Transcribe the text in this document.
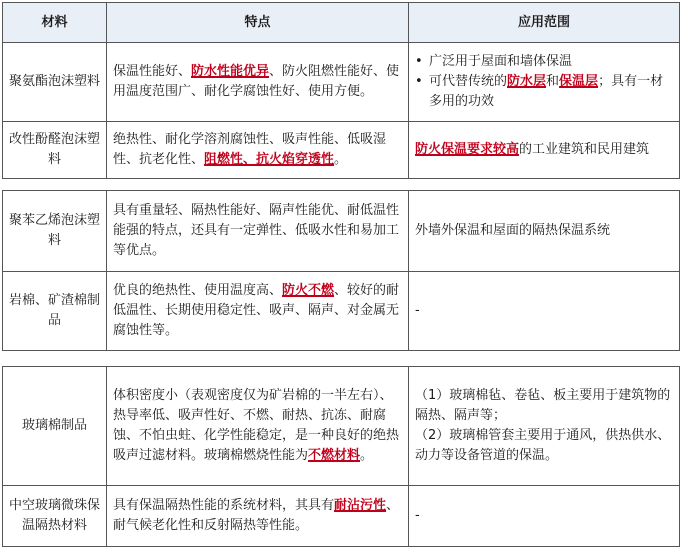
材料	特点	应用范围
聚氨酯泡沫塑料
保温性能好、防水性能优异、防火阻燃性能好、使用温度范围广、耐化学腐蚀性好、使用方便。
• 广泛用于屋面和墙体保温
• 可代替传统的防水层和保温层；具有一材多用的功效
改性酚醛泡沫塑料
绝热性、耐化学溶剂腐蚀性、吸声性能、低吸湿性、抗老化性、阻燃性、抗火焰穿透性。
防火保温要求较高的工业建筑和民用建筑
聚苯乙烯泡沫塑料
具有重量轻、隔热性能好、隔声性能优、耐低温性能强的特点，还具有一定弹性、低吸水性和易加工等优点。
外墙外保温和屋面的隔热保温系统
岩棉、矿渣棉制品
优良的绝热性、使用温度高、防火不燃、较好的耐低温性、长期使用稳定性、吸声、隔声、对金属无腐蚀性等。
-
玻璃棉制品
体积密度小（表观密度仅为矿岩棉的一半左右）、热导率低、吸声性好、不燃、耐热、抗冻、耐腐蚀、不怕虫蛀、化学性能稳定，是一种良好的绝热吸声过滤材料。玻璃棉燃烧性能为不燃材料。
（1）玻璃棉毡、卷毡、板主要用于建筑物的隔热、隔声等；
（2）玻璃棉管套主要用于通风，供热供水、动力等设备管道的保温。
中空玻璃微珠保温隔热材料
具有保温隔热性能的系统材料，其具有耐沾污性、耐气候老化性和反射隔热等性能。
-
